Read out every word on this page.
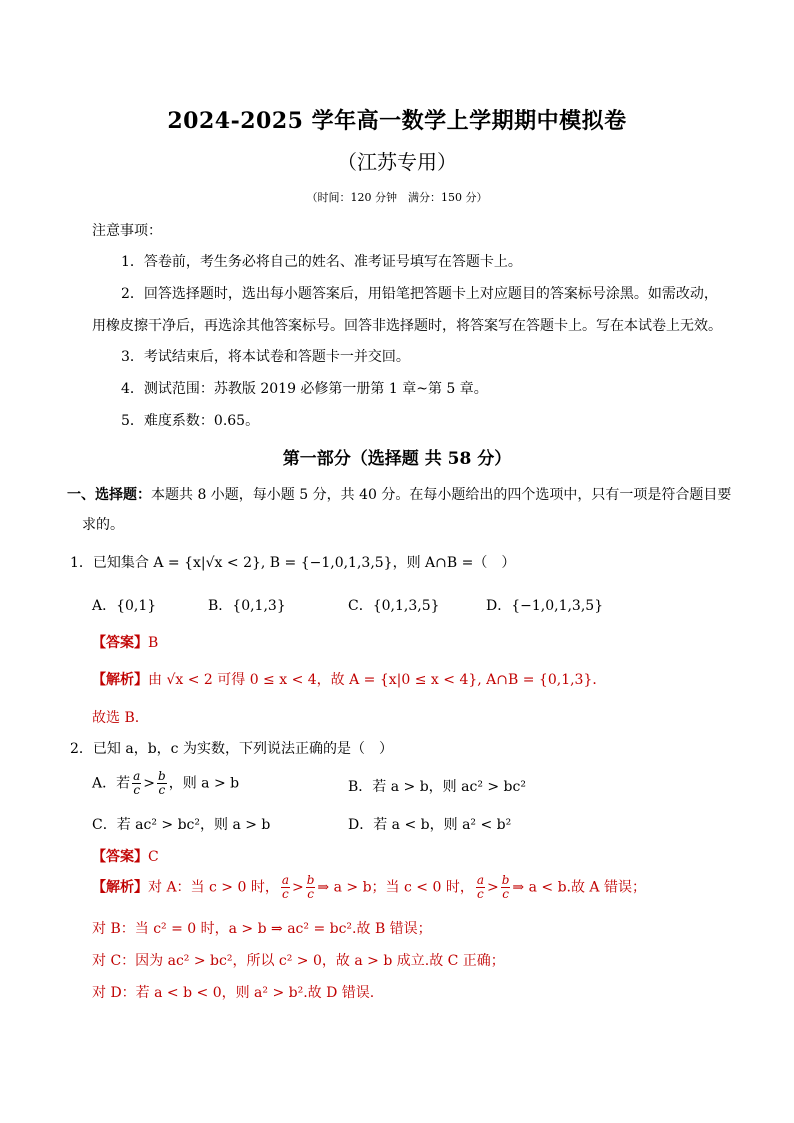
2024-2025 学年高一数学上学期期中模拟卷
（江苏专用）
（时间：120 分钟　满分：150 分）
注意事项：
1．答卷前，考生务必将自己的姓名、准考证号填写在答题卡上。
2．回答选择题时，选出每小题答案后，用铅笔把答题卡上对应题目的答案标号涂黑。如需改动，
用橡皮擦干净后，再选涂其他答案标号。回答非选择题时，将答案写在答题卡上。写在本试卷上无效。
3．考试结束后，将本试卷和答题卡一并交回。
4．测试范围：苏教版 2019 必修第一册第 1 章~第 5 章。
5．难度系数：0.65。
第一部分（选择题 共 58 分）
一、选择题：本题共 8 小题，每小题 5 分，共 40 分。在每小题给出的四个选项中，只有一项是符合题目要
求的。
1．已知集合 A = {x|√x < 2}, B = {−1,0,1,3,5}，则 A∩B =（　）
A．{0,1}	B．{0,1,3}	C．{0,1,3,5}	D．{−1,0,1,3,5}
【答案】B
【解析】由 √x < 2 可得 0 ≤ x < 4，故 A = {x|0 ≤ x < 4}, A∩B = {0,1,3}．
故选 B.
2．已知 a，b，c 为实数，下列说法正确的是（　）
A．若 $\frac{a}{c} > \frac{b}{c}$ ，则 a > b	B．若 a > b，则 ac² > bc²
C．若 ac² > bc²，则 a > b	D．若 a < b，则 a² < b²
【答案】C
【解析】对 A：当 c > 0 时， $\frac{a}{c} > \frac{b}{c}$ ⇒ a > b；当 c < 0 时， $\frac{a}{c} > \frac{b}{c}$ ⇒ a < b.故 A 错误；
对 B：当 c² = 0 时，a > b ⇒ ac² = bc².故 B 错误；
对 C：因为 ac² > bc²，所以 c² > 0，故 a > b 成立.故 C 正确；
对 D：若 a < b < 0，则 a² > b².故 D 错误.
